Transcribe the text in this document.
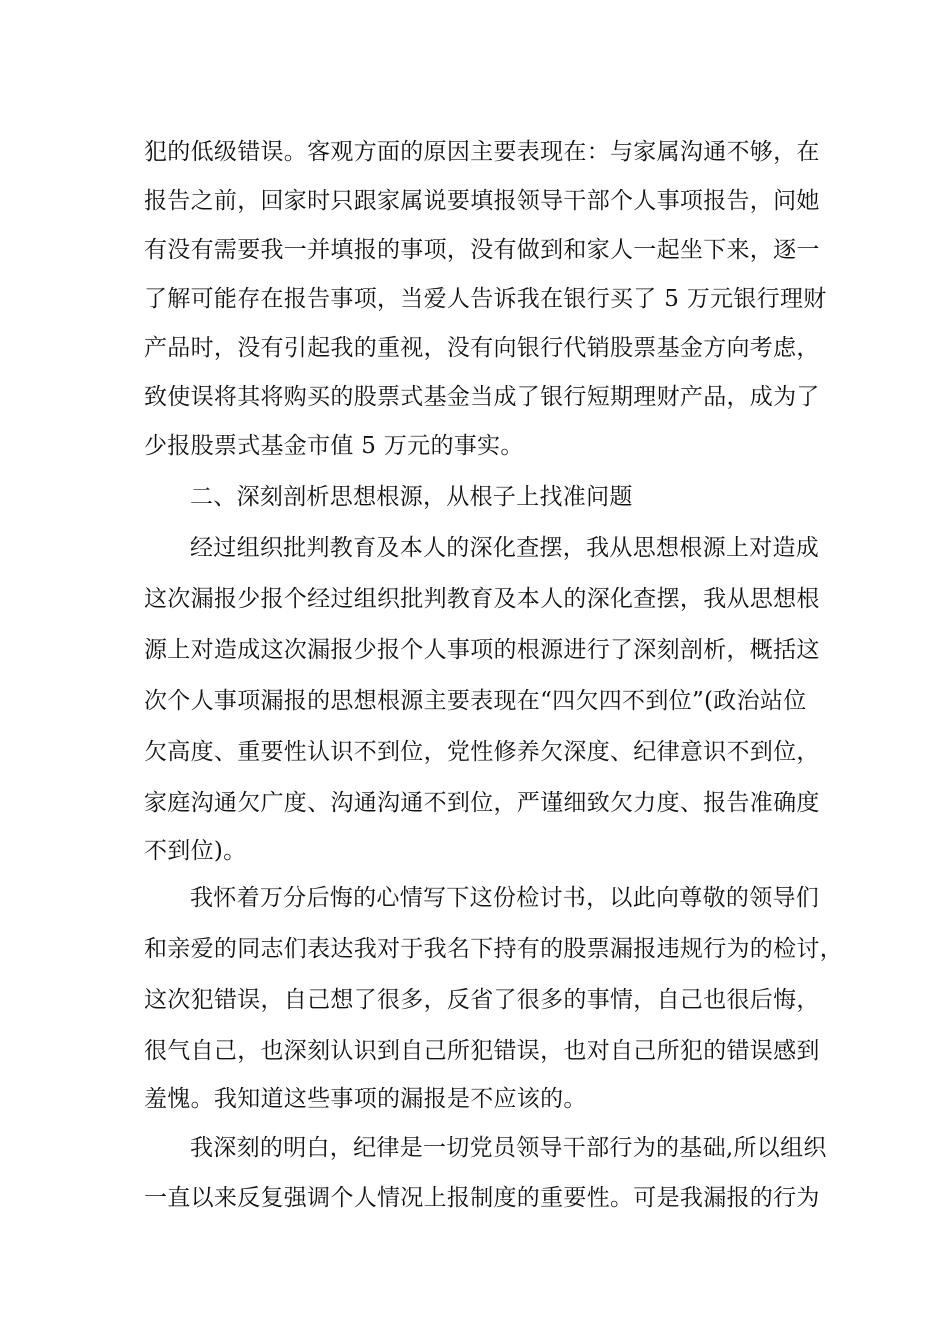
犯的低级错误。客观方面的原因主要表现在：与家属沟通不够，在
报告之前，回家时只跟家属说要填报领导干部个人事项报告，问她
有没有需要我一并填报的事项，没有做到和家人一起坐下来，逐一
了解可能存在报告事项，当爱人告诉我在银行买了 5 万元银行理财
产品时，没有引起我的重视，没有向银行代销股票基金方向考虑，
致使误将其将购买的股票式基金当成了银行短期理财产品，成为了
少报股票式基金市值 5 万元的事实。
二、深刻剖析思想根源，从根子上找准问题
经过组织批判教育及本人的深化查摆，我从思想根源上对造成
这次漏报少报个经过组织批判教育及本人的深化查摆，我从思想根
源上对造成这次漏报少报个人事项的根源进行了深刻剖析，概括这
次个人事项漏报的思想根源主要表现在“四欠四不到位”(政治站位
欠高度、重要性认识不到位，党性修养欠深度、纪律意识不到位，
家庭沟通欠广度、沟通沟通不到位，严谨细致欠力度、报告准确度
不到位)。
我怀着万分后悔的心情写下这份检讨书，以此向尊敬的领导们
和亲爱的同志们表达我对于我名下持有的股票漏报违规行为的检讨，
这次犯错误，自己想了很多，反省了很多的事情，自己也很后悔，
很气自己，也深刻认识到自己所犯错误，也对自己所犯的错误感到
羞愧。我知道这些事项的漏报是不应该的。
我深刻的明白，纪律是一切党员领导干部行为的基础,所以组织
一直以来反复强调个人情况上报制度的重要性。可是我漏报的行为
